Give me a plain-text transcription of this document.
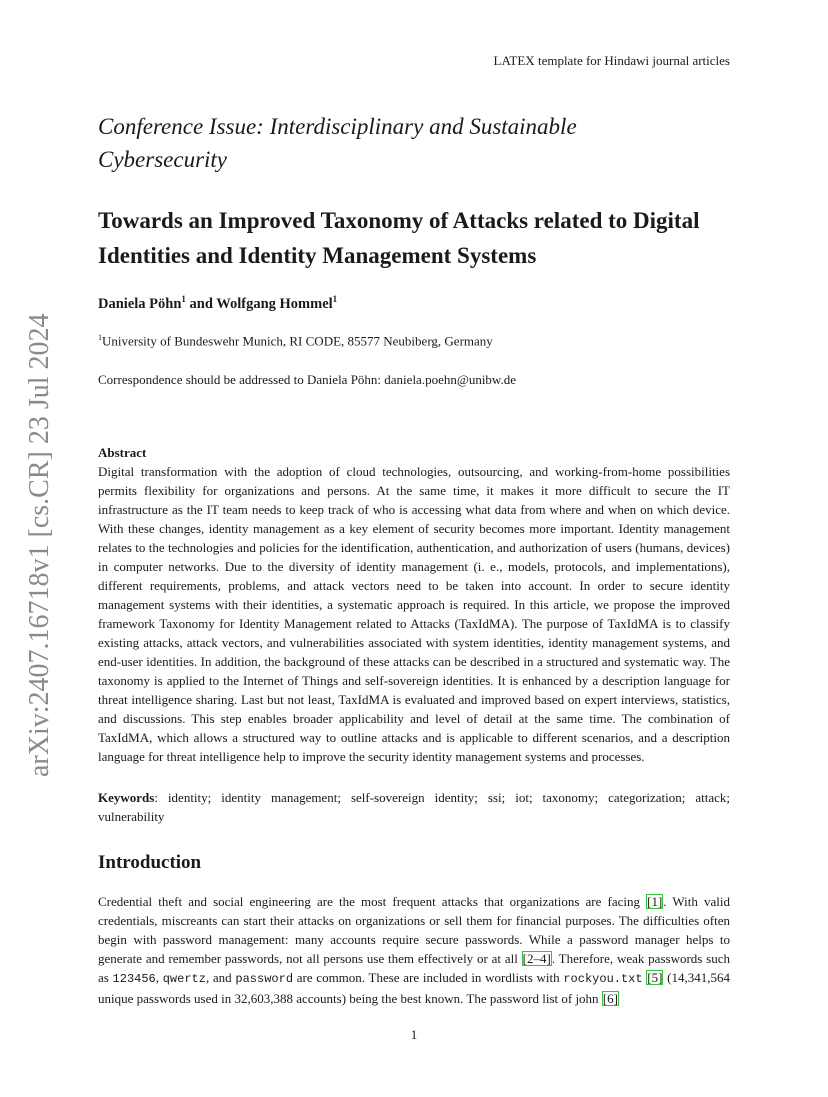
LATEX template for Hindawi journal articles
arXiv:2407.16718v1 [cs.CR] 23 Jul 2024
Conference Issue: Interdisciplinary and Sustainable Cybersecurity
Towards an Improved Taxonomy of Attacks related to Digital Identities and Identity Management Systems
Daniela Pöhn$^1$ and Wolfgang Hommel$^1$
$^1$University of Bundeswehr Munich, RI CODE, 85577 Neubiberg, Germany
Correspondence should be addressed to Daniela Pöhn: daniela.poehn@unibw.de
Abstract
Digital transformation with the adoption of cloud technologies, outsourcing, and working-from-home possibilities permits flexibility for organizations and persons. At the same time, it makes it more difficult to secure the IT infrastructure as the IT team needs to keep track of who is accessing what data from where and when on which device. With these changes, identity management as a key element of security becomes more important. Identity management relates to the technologies and policies for the identification, authentication, and authorization of users (humans, devices) in computer networks. Due to the diversity of identity management (i. e., models, protocols, and implementations), different requirements, problems, and attack vectors need to be taken into account. In order to secure identity management systems with their identities, a systematic approach is required. In this article, we propose the improved framework Taxonomy for Identity Management related to Attacks (TaxIdMA). The purpose of TaxIdMA is to classify existing attacks, attack vectors, and vulnerabilities associated with system identities, identity management systems, and end-user identities. In addition, the background of these attacks can be described in a structured and systematic way. The taxonomy is applied to the Internet of Things and self-sovereign identities. It is enhanced by a description language for threat intelligence sharing. Last but not least, TaxIdMA is evaluated and improved based on expert interviews, statistics, and discussions. This step enables broader applicability and level of detail at the same time. The combination of TaxIdMA, which allows a structured way to outline attacks and is applicable to different scenarios, and a description language for threat intelligence help to improve the security identity management systems and processes.
Keywords: identity; identity management; self-sovereign identity; ssi; iot; taxonomy; categorization; attack; vulnerability
Introduction
Credential theft and social engineering are the most frequent attacks that organizations are facing [1]. With valid credentials, miscreants can start their attacks on organizations or sell them for financial purposes. The difficulties often begin with password management: many accounts require secure passwords. While a password manager helps to generate and remember passwords, not all persons use them effectively or at all [2–4]. Therefore, weak passwords such as 123456, qwertz, and password are common. These are included in wordlists with rockyou.txt [5] (14,341,564 unique passwords used in 32,603,388 accounts) being the best known. The password list of john [6]
1
